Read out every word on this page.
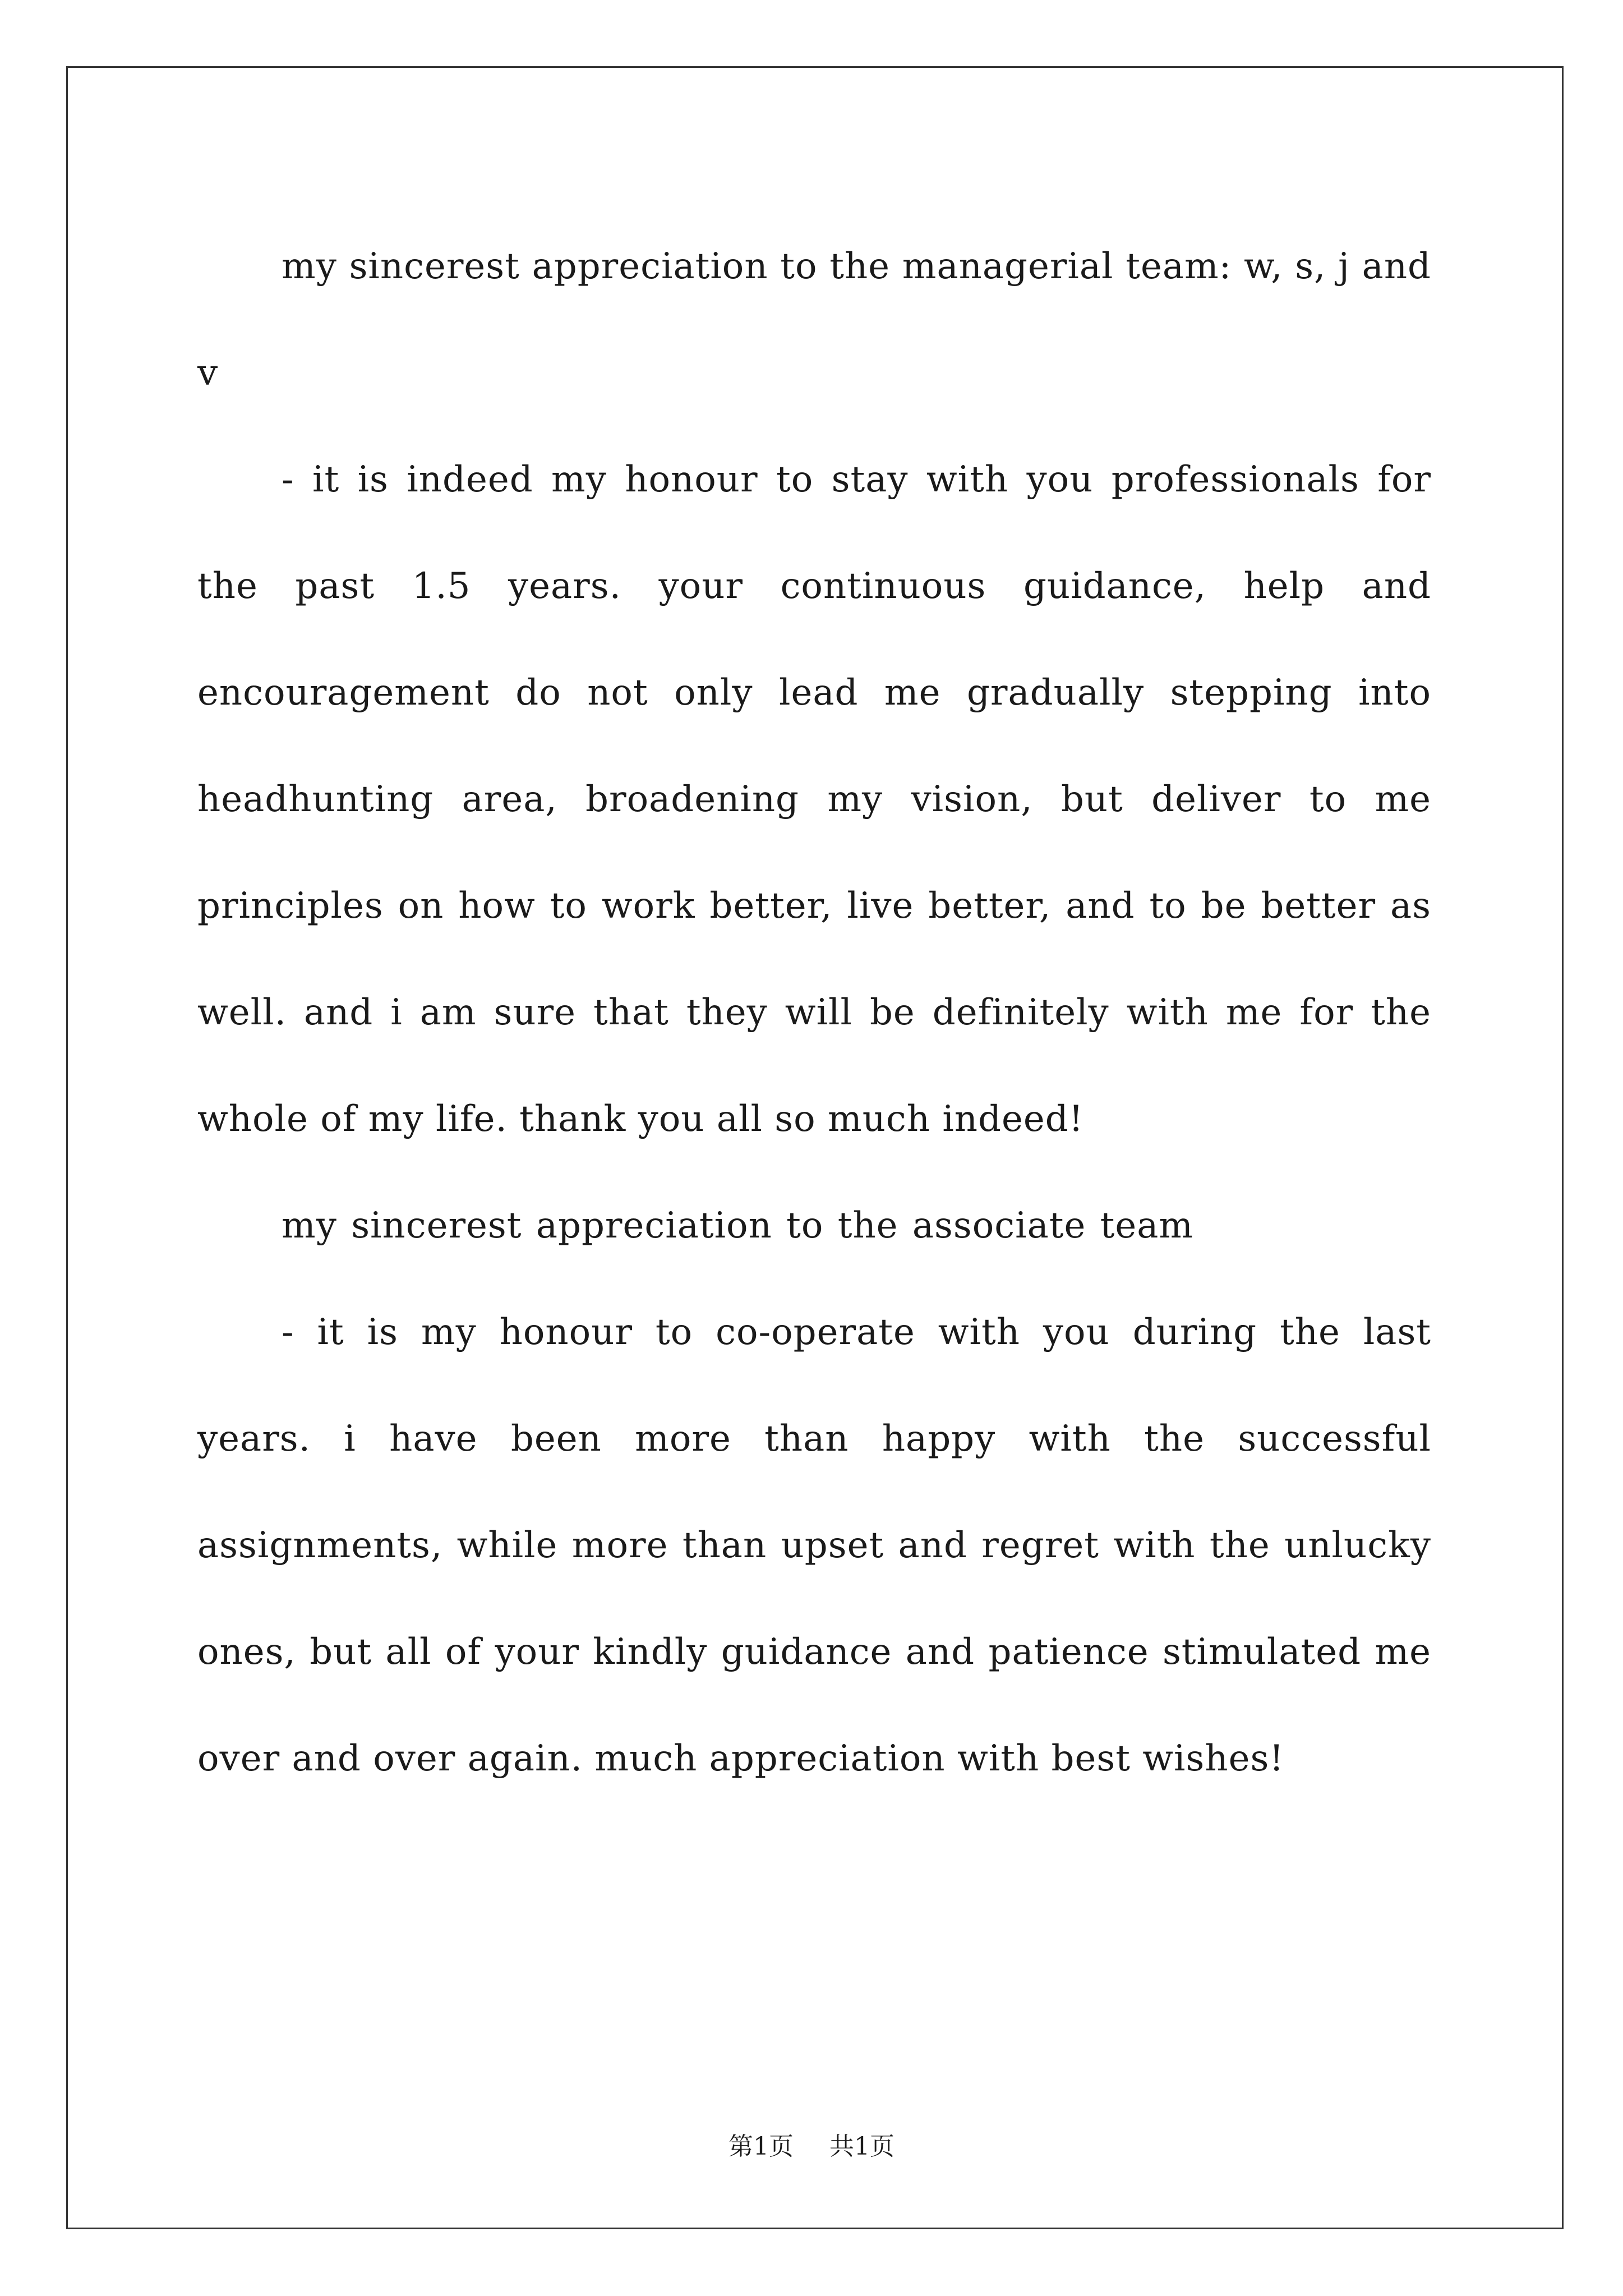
my sincerest appreciation to the managerial team: w, s, j and v

- it is indeed my honour to stay with you professionals for the past 1.5 years. your continuous guidance, help and encouragement do not only lead me gradually stepping into headhunting area, broadening my vision, but deliver to me principles on how to work better, live better, and to be better as well. and i am sure that they will be definitely with me for the whole of my life. thank you all so much indeed!

my sincerest appreciation to the associate team

- it is my honour to co-operate with you during the last years. i have been more than happy with the successful assignments, while more than upset and regret with the unlucky ones, but all of your kindly guidance and patience stimulated me over and over again. much appreciation with best wishes!

第1页 共1页
